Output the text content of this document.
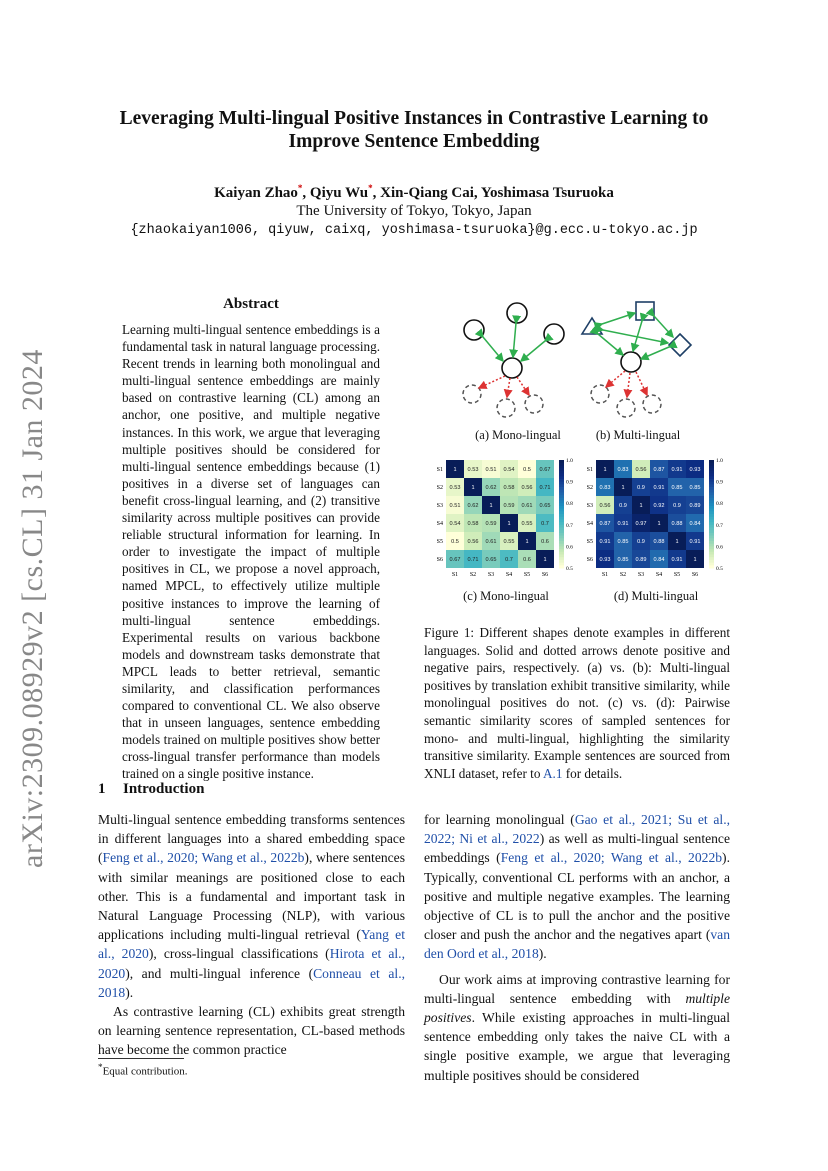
Leveraging Multi-lingual Positive Instances in Contrastive Learning to
Improve Sentence Embedding
Kaiyan Zhao*, Qiyu Wu*, Xin-Qiang Cai, Yoshimasa Tsuruoka
The University of Tokyo, Tokyo, Japan
{zhaokaiyan1006, qiyuw, caixq, yoshimasa-tsuruoka}@g.ecc.u-tokyo.ac.jp
arXiv:2309.08929v2 [cs.CL] 31 Jan 2024
Abstract
Learning multi-lingual sentence embeddings is a fundamental task in natural language processing. Recent trends in learning both monolingual and multi-lingual sentence embeddings are mainly based on contrastive learning (CL) among an anchor, one positive, and multiple negative instances. In this work, we argue that leveraging multiple positives should be considered for multi-lingual sentence embeddings because (1) positives in a diverse set of languages can benefit cross-lingual learning, and (2) transitive similarity across multiple positives can provide reliable structural information for learning. In order to investigate the impact of multiple positives in CL, we propose a novel approach, named MPCL, to effectively utilize multiple positive instances to improve the learning of multi-lingual sentence embeddings. Experimental results on various backbone models and downstream tasks demonstrate that MPCL leads to better retrieval, semantic similarity, and classification performances compared to conventional CL. We also observe that in unseen languages, sentence embedding models trained on multiple positives show better cross-lingual transfer performance than models trained on a single positive instance.
(a) Mono-lingual	(b) Multi-lingual
1 0.53 0.51 0.54 0.5 0.67
0.53 1 0.62 0.58 0.56 0.71
0.51 0.62 1 0.59 0.61 0.65
0.54 0.58 0.59 1 0.55 0.7
0.5 0.56 0.61 0.55 1 0.6
0.67 0.71 0.65 0.7 0.6 1
S1
S2
S3
S4
S5
S6
S1 S2 S3 S4 S5 S6
1.0
0.9
0.8
0.7
0.6
0.5
1 0.83 0.56 0.87 0.91 0.93
0.83 1 0.9 0.91 0.85 0.85
0.56 0.9 1 0.92 0.9 0.89
0.87 0.91 0.97 1 0.88 0.84
0.91 0.85 0.9 0.88 1 0.91
0.93 0.85 0.89 0.84 0.91 1
S1
S2
S3
S4
S5
S6
S1 S2 S3 S4 S5 S6
1.0
0.9
0.8
0.7
0.6
0.5
(c) Mono-lingual	(d) Multi-lingual
Figure 1: Different shapes denote examples in different languages. Solid and dotted arrows denote positive and negative pairs, respectively. (a) vs. (b): Multi-lingual positives by translation exhibit transitive similarity, while monolingual positives do not. (c) vs. (d): Pairwise semantic similarity scores of sampled sentences for mono- and multi-lingual, highlighting the similarity transitive similarity. Example sentences are sourced from XNLI dataset, refer to A.1 for details.
1 Introduction

Multi-lingual sentence embedding transforms sentences in different languages into a shared embedding space (Feng et al., 2020; Wang et al., 2022b), where sentences with similar meanings are positioned close to each other. This is a fundamental and important task in Natural Language Processing (NLP), with various applications including multi-lingual retrieval (Yang et al., 2020), cross-lingual classifications (Hirota et al., 2020), and multi-lingual inference (Conneau et al., 2018).

As contrastive learning (CL) exhibits great strength on learning sentence representation, CL-based methods have become the common practice

for learning monolingual (Gao et al., 2021; Su et al., 2022; Ni et al., 2022) as well as multi-lingual sentence embeddings (Feng et al., 2020; Wang et al., 2022b). Typically, conventional CL performs with an anchor, a positive and multiple negative examples. The learning objective of CL is to pull the anchor and the positive closer and push the anchor and the negatives apart (van den Oord et al., 2018).

Our work aims at improving contrastive learning for multi-lingual sentence embedding with multiple positives. While existing approaches in multi-lingual sentence embedding only takes the naive CL with a single positive example, we argue that leveraging multiple positives should be considered

*Equal contribution.
